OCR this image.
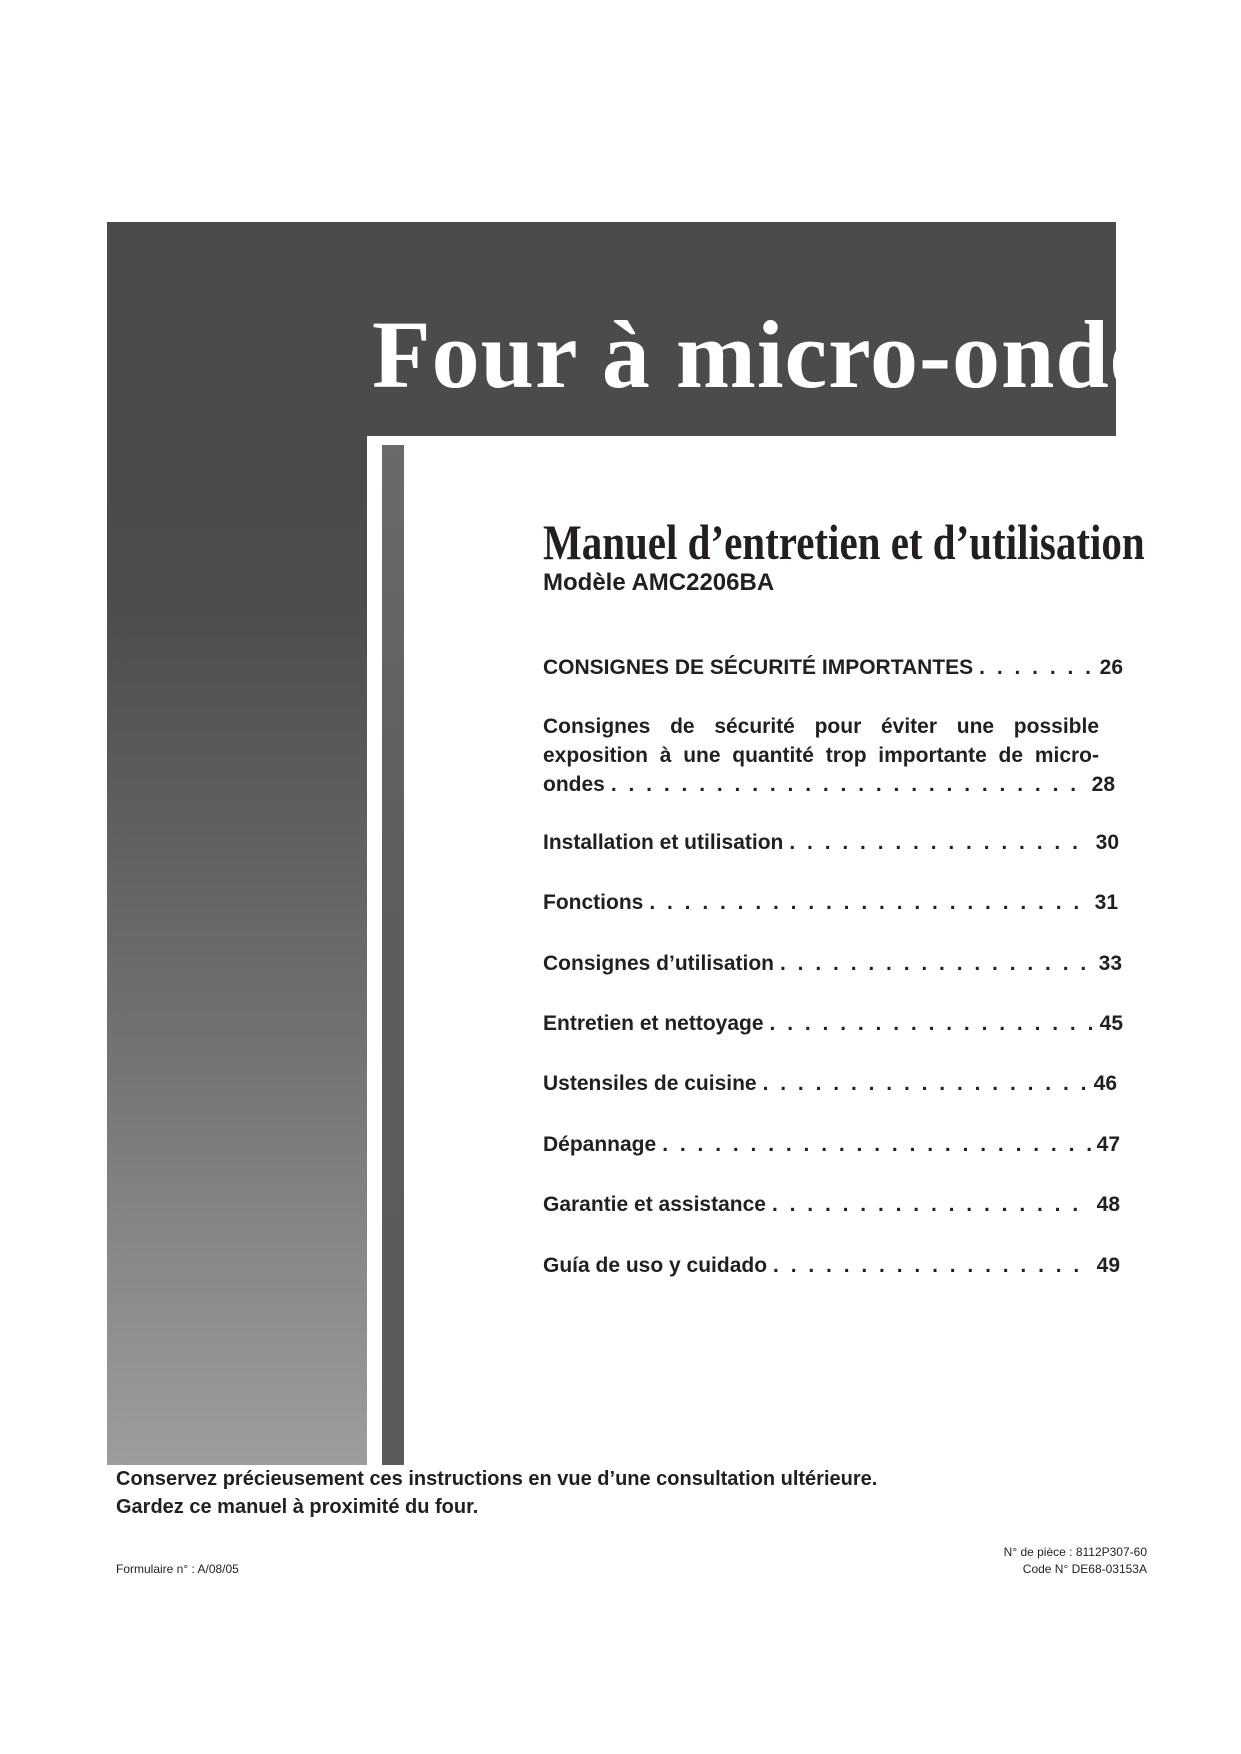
Four à micro-ondes
Manuel d’entretien et d’utilisation

Modèle AMC2206BA

CONSIGNES DE SÉCURITÉ IMPORTANTES . . .	26
Consignes de sécurité pour éviter une possible
exposition à une quantité trop importante de micro-
ondes . . .	28
Installation et utilisation . . .	30
Fonctions . . .	31
Consignes d’utilisation . . .	33
Entretien et nettoyage . . .	45
Ustensiles de cuisine . . .	46
Dépannage . . .	47
Garantie et assistance . . .	48
Guía de uso y cuidado . . .	49

Conservez précieusement ces instructions en vue d’une consultation ultérieure.

Gardez ce manuel à proximité du four.

Formulaire n° : A/08/05

N° de pièce : 8112P307-60

Code N° DE68-03153A
